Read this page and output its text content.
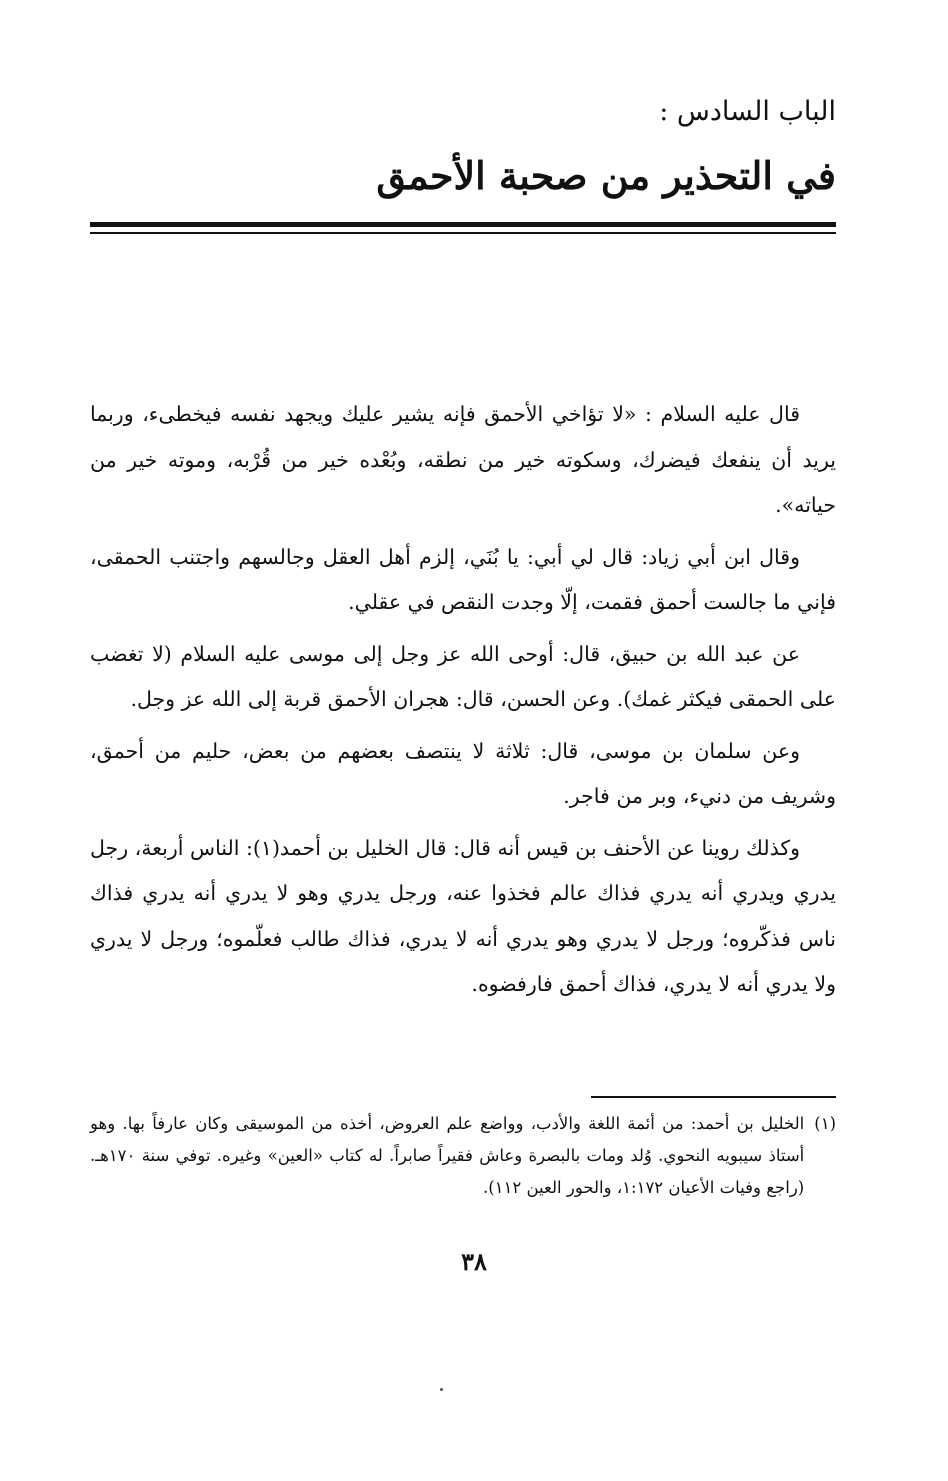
الباب السادس :
في التحذير من صحبة الأحمق

قال عليه السلام : «لا تؤاخي الأحمق فإنه يشير عليك ويجهد نفسه فيخطىء، وربما يريد أن ينفعك فيضرك، وسكوته خير من نطقه، وبُعْده خير من قُرْبه، وموته خير من حياته».

وقال ابن أبي زياد: قال لي أبي: يا بُنَي، إلزم أهل العقل وجالسهم واجتنب الحمقى، فإني ما جالست أحمق فقمت، إلّا وجدت النقص في عقلي.

عن عبد الله بن حبيق، قال: أوحى الله عز وجل إلى موسى عليه السلام (لا تغضب على الحمقى فيكثر غمك). وعن الحسن، قال: هجران الأحمق قربة إلى الله عز وجل.

وعن سلمان بن موسى، قال: ثلاثة لا ينتصف بعضهم من بعض، حليم من أحمق، وشريف من دنيء، وبر من فاجر.

وكذلك روينا عن الأحنف بن قيس أنه قال: قال الخليل بن أحمد(١): الناس أربعة، رجل يدري ويدري أنه يدري فذاك عالم فخذوا عنه، ورجل يدري وهو لا يدري أنه يدري فذاك ناس فذكّروه؛ ورجل لا يدري وهو يدري أنه لا يدري، فذاك طالب فعلّموه؛ ورجل لا يدري ولا يدري أنه لا يدري، فذاك أحمق فارفضوه.

(١)
الخليل بن أحمد: من أئمة اللغة والأدب، وواضع علم العروض، أخذه من الموسيقى وكان عارفاً بها. وهو أستاذ سيبويه النحوي. وُلد ومات بالبصرة وعاش فقيراً صابراً. له كتاب «العين» وغيره. توفي سنة ١٧٠هـ. (راجع وفيات الأعيان ١:١٧٢، والحور العين ١١٢).
٣٨
